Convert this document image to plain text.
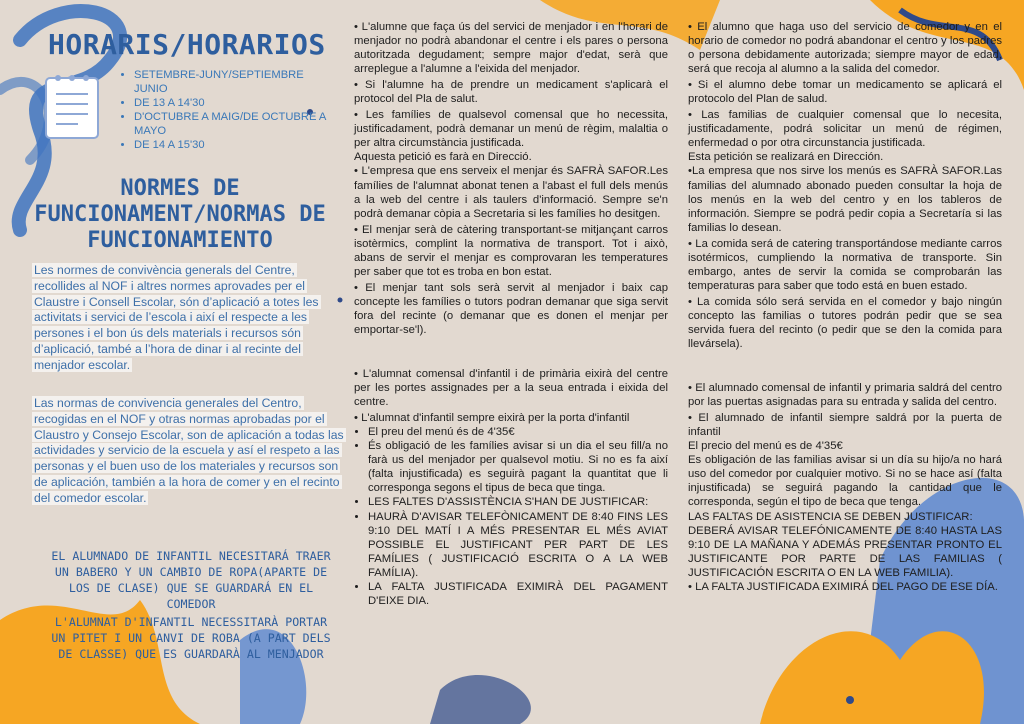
HORARIS/HORARIOS
• SETEMBRE-JUNY/SEPTIEMBRE JUNIO
• DE 13 A 14'30
• D'OCTUBRE A MAIG/DE OCTUBRE A MAYO
• DE 14 A 15'30
NORMES DE FUNCIONAMENT/NORMAS DE FUNCIONAMIENTO
Les normes de convivència generals del Centre, recollides al NOF i altres normes aprovades per el Claustre i Consell Escolar, són d’aplicació a totes les activitats i servici de l’escola i així el respecte a les persones i el bon ús dels materials i recursos són d’aplicació, també a l’hora de dinar i al recinte del menjador escolar.
Las normas de convivencia generales del Centro, recogidas en el NOF y otras normas aprobadas por el Claustro y Consejo Escolar, son de aplicación a todas las actividades y servicio de la escuela y así el respeto a las personas y el buen uso de los materiales y recursos son de aplicación, también a la hora de comer y en el recinto del comedor escolar.
EL ALUMNADO DE INFANTIL NECESITARÁ TRAER UN BABERO Y UN CAMBIO DE ROPA(APARTE DE LOS DE CLASE) QUE SE GUARDARÁ EN EL COMEDOR
L'ALUMNAT D'INFANTIL NECESSITARÀ PORTAR UN PITET I UN CANVI DE ROBA (A PART DELS DE CLASSE) QUE ES GUARDARÀ AL MENJADOR

• L'alumne que faça ús del servici de menjador i en l'horari de menjador no podrà abandonar el centre i els pares o persona autoritzada degudament; sempre major d'edat, serà que arreplegue a l'alumne a l'eixida del menjador.

• Si l'alumne ha de prendre un medicament s'aplicarà el protocol del Pla de salut.

• Les famílies de qualsevol comensal que ho necessita, justificadament, podrà demanar un menú de règim, malaltia o per altra circumstància justificada.

Aquesta petició es farà en Direcció.

• L'empresa que ens serveix el menjar és SAFRÀ SAFOR.Les famílies de l'alumnat abonat tenen a l'abast el full dels menús a la web del centre i als taulers d'informació. Sempre se'n podrà demanar còpia a Secretaria si les famílies ho desitgen.

• El menjar serà de càtering transportant-se mitjançant carros isotèrmics, complint la normativa de transport. Tot i això, abans de servir el menjar es comprovaran les temperatures per saber que tot es troba en bon estat.

• El menjar tant sols serà servit al menjador i baix cap concepte les famílies o tutors podran demanar que siga servit fora del recinte (o demanar que es donen el menjar per emportar-se'l).

• L'alumnat comensal d'infantil i de primària eixirà del centre per les portes assignades per a la seua entrada i eixida del centre.

• L'alumnat d'infantil sempre eixirà per la porta d'infantil

• El preu del menú és de 4'35€
• És obligació de les famílies avisar si un dia el seu fill/a no farà us del menjador per qualsevol motiu. Si no es fa així (falta injustificada) es seguirà pagant la quantitat que li corresponga segons el tipus de beca que tinga.
• LES FALTES D'ASSISTÈNCIA S'HAN DE JUSTIFICAR:
• HAURÀ D'AVISAR TELEFÒNICAMENT DE 8:40 FINS LES 9:10 DEL MATÍ I A MÉS PRESENTAR EL MÉS AVIAT POSSIBLE EL JUSTIFICANT PER PART DE LES FAMÍLIES ( JUSTIFICACIÓ ESCRITA O A LA WEB FAMÍLIA).
• LA FALTA JUSTIFICADA EXIMIRÀ DEL PAGAMENT D'EIXE DIA.

• El alumno que haga uso del servicio de comedor y en el horario de comedor no podrá abandonar el centro y los padres o persona debidamente autorizada; siempre mayor de edad, será que recoja al alumno a la salida del comedor.

• Si el alumno debe tomar un medicamento se aplicará el protocolo del Plan de salud.

• Las familias de cualquier comensal que lo necesita, justificadamente, podrá solicitar un menú de régimen, enfermedad o por otra circunstancia justificada.

Esta petición se realizará en Dirección.

•La empresa que nos sirve los menús es SAFRÀ SAFOR.Las familias del alumnado abonado pueden consultar la hoja de los menús en la web del centro y en los tableros de información. Siempre se podrá pedir copia a Secretaría si las familias lo desean.

• La comida será de catering transportándose mediante carros isotérmicos, cumpliendo la normativa de transporte. Sin embargo, antes de servir la comida se comprobarán las temperaturas para saber que todo está en buen estado.

• La comida sólo será servida en el comedor y bajo ningún concepto las familias o tutores podrán pedir que se sea servida fuera del recinto (o pedir que se den la comida para llevársela).

• El alumnado comensal de infantil y primaria saldrá del centro por las puertas asignadas para su entrada y salida del centro.

• El alumnado de infantil siempre saldrá por la puerta de infantil

El precio del menú es de 4'35€

Es obligación de las familias avisar si un día su hijo/a no hará uso del comedor por cualquier motivo. Si no se hace así (falta injustificada) se seguirá pagando la cantidad que le corresponda, según el tipo de beca que tenga.

LAS FALTAS DE ASISTENCIA SE DEBEN JUSTIFICAR:

DEBERÁ AVISAR TELEFÓNICAMENTE DE 8:40 HASTA LAS 9:10 DE LA MAÑANA Y ADEMÁS PRESENTAR PRONTO EL JUSTIFICANTE POR PARTE DE LAS FAMILIAS ( JUSTIFICACIÓN ESCRITA O EN LA WEB FAMILIA).

• LA FALTA JUSTIFICADA EXIMIRÁ DEL PAGO DE ESE DÍA.
